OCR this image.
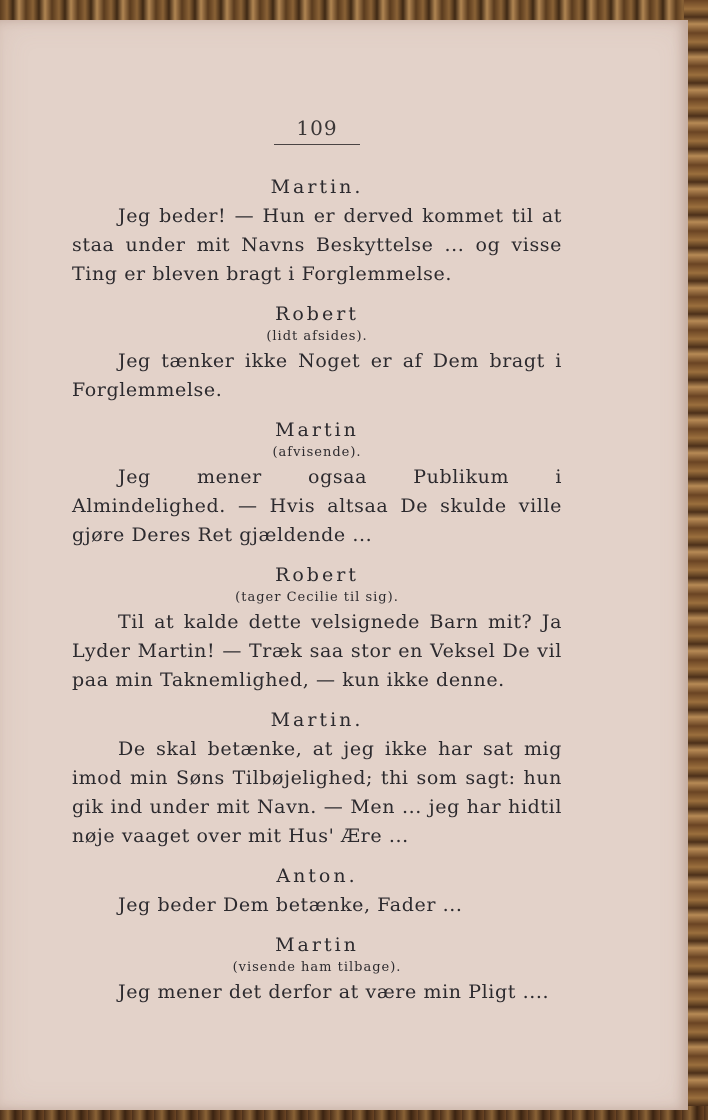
109
Martin.
Jeg beder! — Hun er derved kommet til at staa under mit Navns Beskyttelse ... og visse Ting er bleven bragt i Forglemmelse.
Robert
(lidt afsides).
Jeg tænker ikke Noget er af Dem bragt i Forglemmelse.
Martin
(afvisende).
Jeg mener ogsaa Publikum i Almindelighed. — Hvis altsaa De skulde ville gjøre Deres Ret gjældende ...
Robert
(tager Cecilie til sig).
Til at kalde dette velsignede Barn mit? Ja Lyder Martin! — Træk saa stor en Veksel De vil paa min Taknemlighed, — kun ikke denne.
Martin.
De skal betænke, at jeg ikke har sat mig imod min Søns Tilbøjelighed; thi som sagt: hun gik ind under mit Navn. — Men ... jeg har hidtil nøje vaaget over mit Hus' Ære ...
Anton.
Jeg beder Dem betænke, Fader ...
Martin
(visende ham tilbage).
Jeg mener det derfor at være min Pligt ....
